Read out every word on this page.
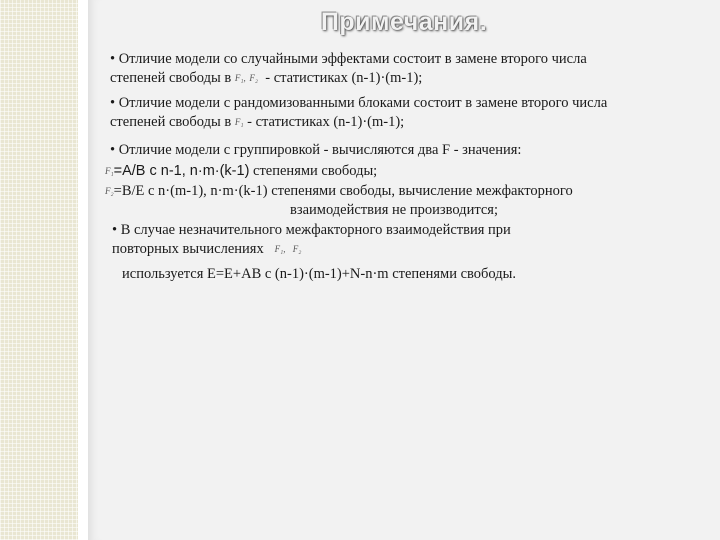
Примечания.
• Отличие модели со случайными эффектами состоит в замене второго числа
степеней свободы в F₁, F₂ - статистиках (n-1)·(m-1);
• Отличие модели с рандомизованными блоками состоит в замене второго числа
степеней свободы в F₁ - статистиках (n-1)·(m-1);
• Отличие модели с группировкой - вычисляются два F - значения:
F₁=A/B с n-1, n·m·(k-1) степенями свободы;
F₂=B/E с n·(m-1), n·m·(k-1) степенями свободы, вычисление межфакторного
взаимодействия не производится;
• В случае незначительного межфакторного взаимодействия при
повторных вычислениях F₁, F₂
используется E=E+AB с (n-1)·(m-1)+N-n·m степенями свободы.
